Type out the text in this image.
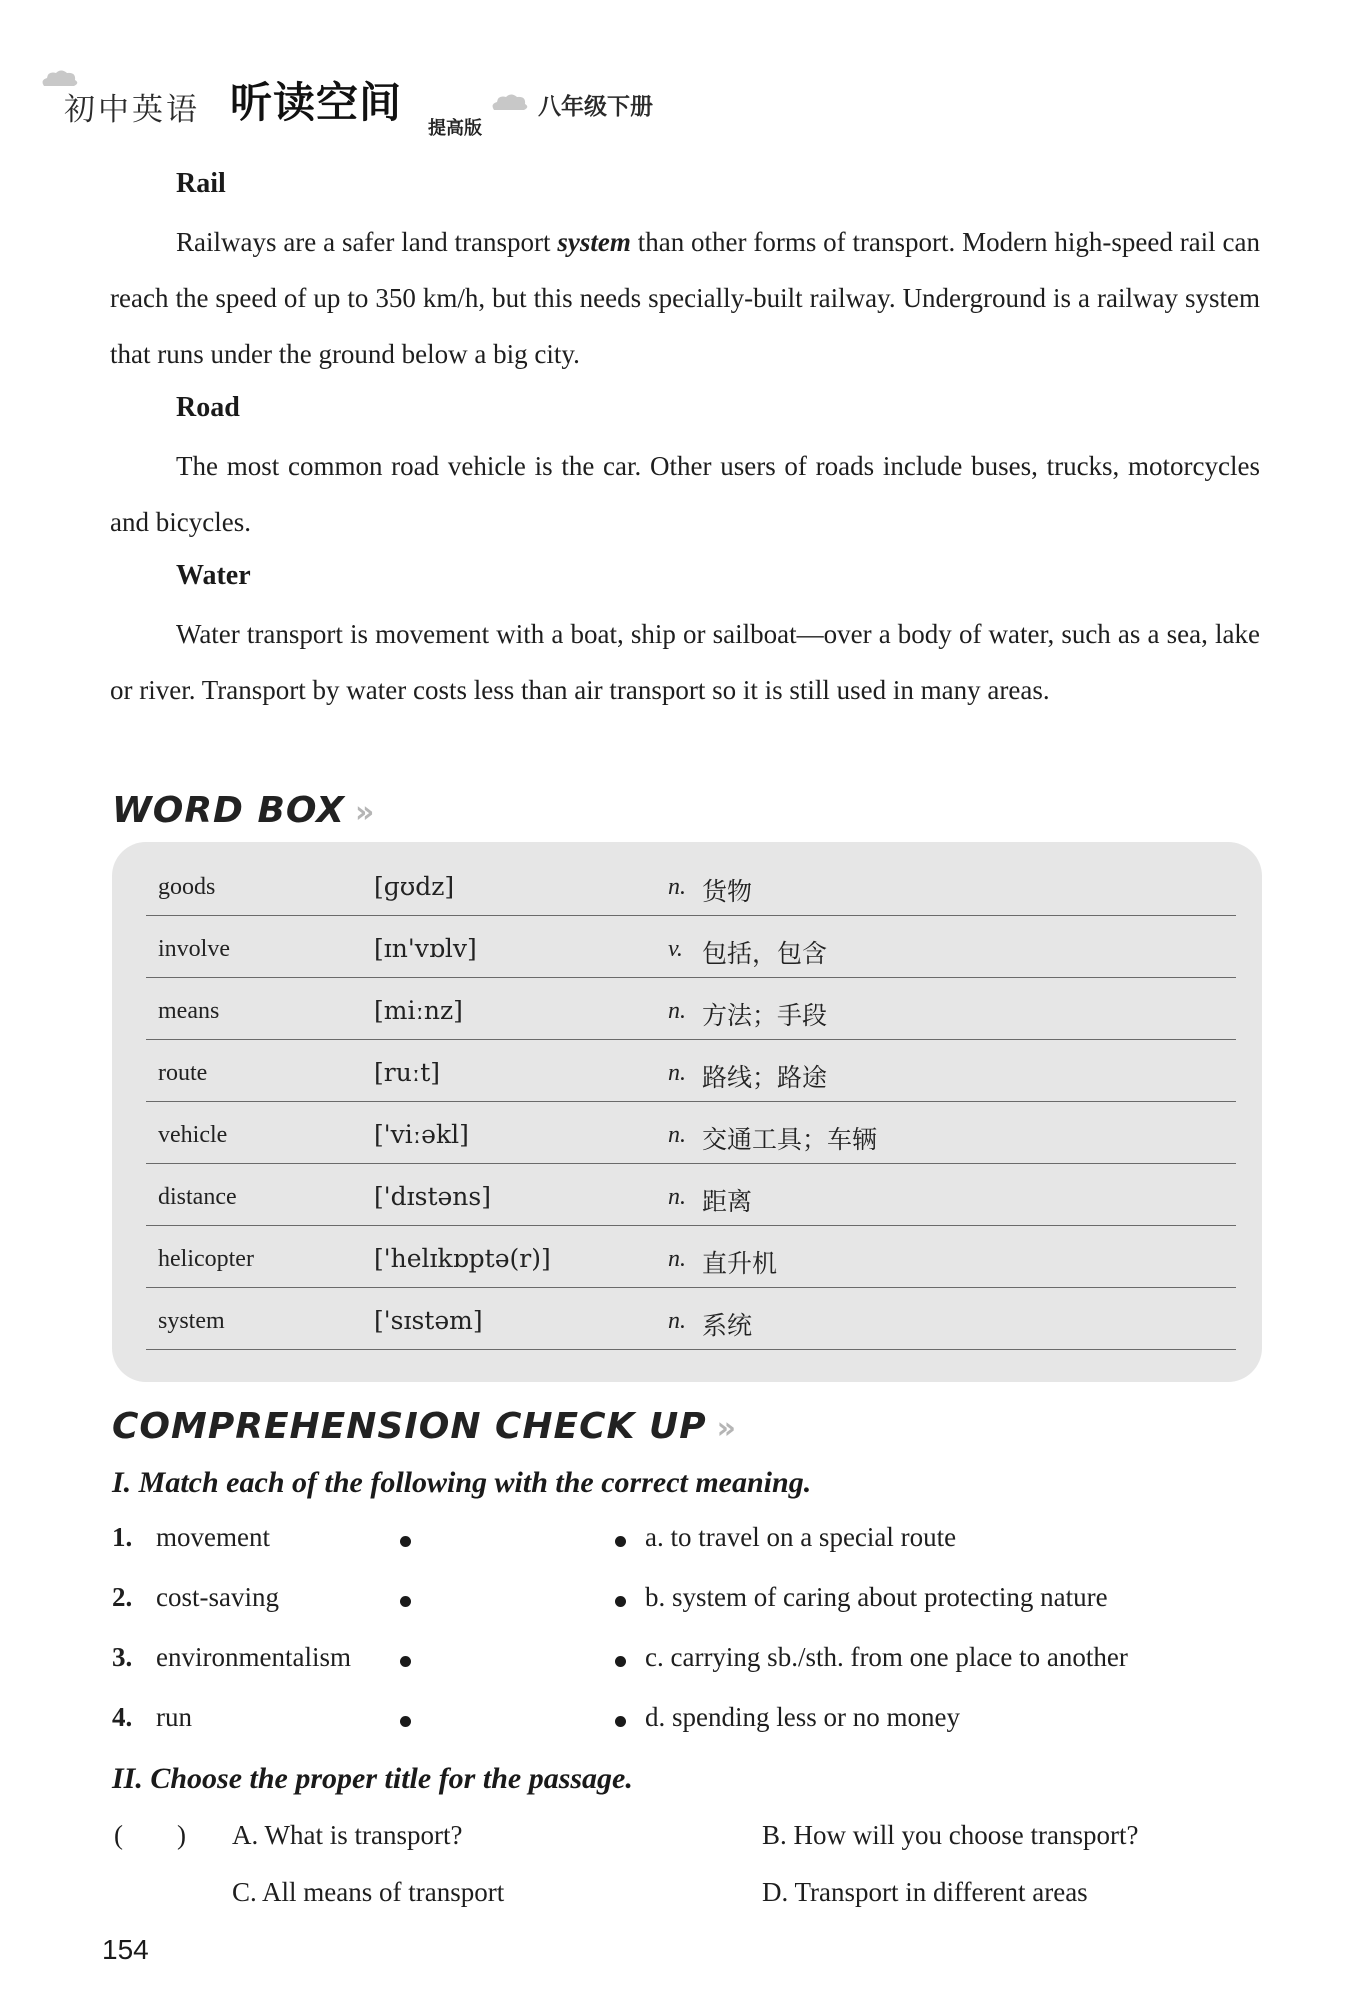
初中英语 听读空间
提高版
八年级下册
Rail
Railways are a safer land transport system than other forms of transport. Modern high-speed rail can reach the speed of up to 350 km/h, but this needs specially-built railway. Underground is a railway system that runs under the ground below a big city.
Road
The most common road vehicle is the car. Other users of roads include buses, trucks, motorcycles and bicycles.
Water
Water transport is movement with a boat, ship or sailboat—over a body of water, such as a sea, lake or river. Transport by water costs less than air transport so it is still used in many areas.
WORD BOX »
goods	[ɡʊdz]	n. 货物
involve	[ɪn'vɒlv]	v. 包括，包含
means	[miːnz]	n. 方法；手段
route	[ruːt]	n. 路线；路途
vehicle	['viːəkl]	n. 交通工具；车辆
distance	['dɪstəns]	n. 距离
helicopter	['helɪkɒptə(r)]	n. 直升机
system	['sɪstəm]	n. 系统
COMPREHENSION CHECK UP »
I. Match each of the following with the correct meaning.
1. movement	a. to travel on a special route
2. cost-saving	b. system of caring about protecting nature
3. environmentalism	c. carrying sb./sth. from one place to another
4. run	d. spending less or no money
II. Choose the proper title for the passage.
(        ) A. What is transport?	B. How will you choose transport?
C. All means of transport	D. Transport in different areas
154
